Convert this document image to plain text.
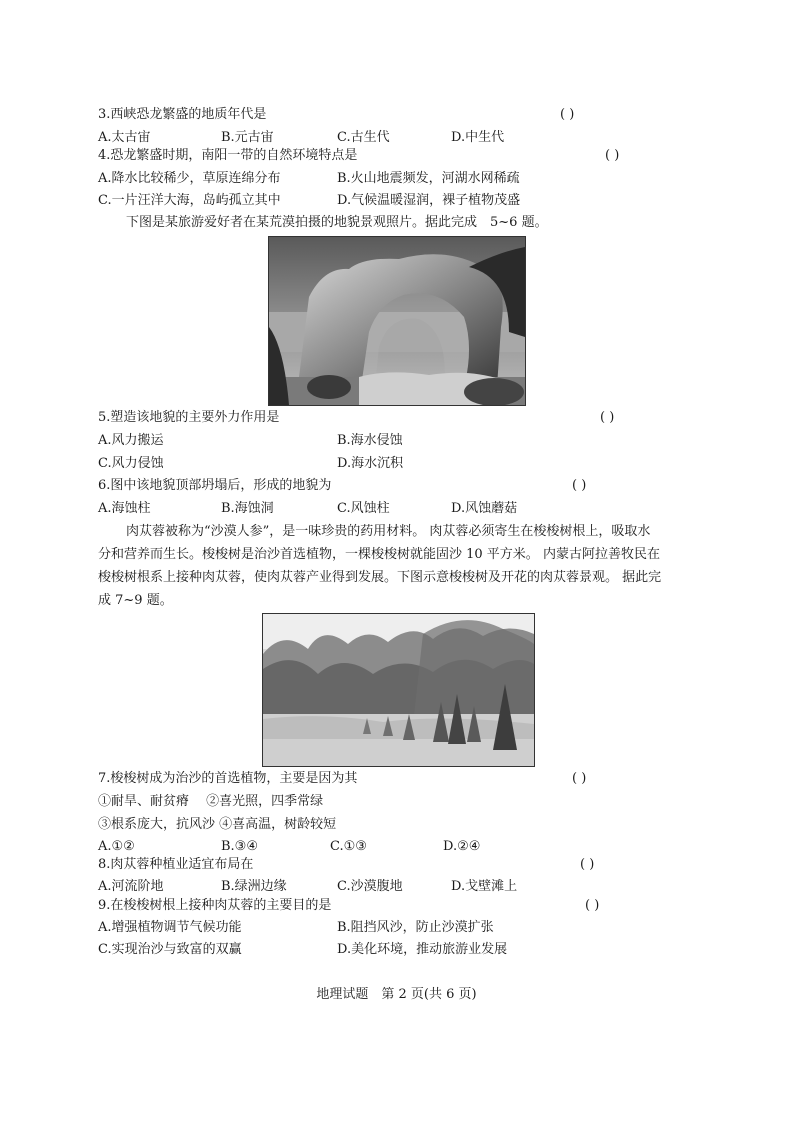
3.西峡恐龙繁盛的地质年代是	( )
A.太古宙	B.元古宙	C.古生代	D.中生代
4.恐龙繁盛时期，南阳一带的自然环境特点是	( )
A.降水比较稀少，草原连绵分布	B.火山地震频发，河湖水网稀疏
C.一片汪洋大海，岛屿孤立其中	D.气候温暖湿润，裸子植物茂盛
下图是某旅游爱好者在某荒漠拍摄的地貌景观照片。据此完成　5~6 题。
5.塑造该地貌的主要外力作用是	( )
A.风力搬运	B.海水侵蚀
C.风力侵蚀	D.海水沉积
6.图中该地貌顶部坍塌后，形成的地貌为	( )
A.海蚀柱	B.海蚀洞	C.风蚀柱	D.风蚀蘑菇
肉苁蓉被称为“沙漠人参”，是一味珍贵的药用材料。 肉苁蓉必须寄生在梭梭树根上，吸取水
分和营养而生长。梭梭树是治沙首选植物，一棵梭梭树就能固沙 10 平方米。 内蒙古阿拉善牧民在
梭梭树根系上接种肉苁蓉，使肉苁蓉产业得到发展。下图示意梭梭树及开花的肉苁蓉景观。 据此完
成 7~9 题。
7.梭梭树成为治沙的首选植物，主要是因为其	( )
①耐旱、耐贫瘠　 ②喜光照，四季常绿
③根系庞大，抗风沙 ④喜高温，树龄较短
A.①②	B.③④	C.①③	D.②④
8.肉苁蓉种植业适宜布局在	( )
A.河流阶地	B.绿洲边缘	C.沙漠腹地	D.戈壁滩上
9.在梭梭树根上接种肉苁蓉的主要目的是	( )
A.增强植物调节气候功能	B.阻挡风沙，防止沙漠扩张
C.实现治沙与致富的双赢	D.美化环境，推动旅游业发展
地理试题　第 2 页(共 6 页)
